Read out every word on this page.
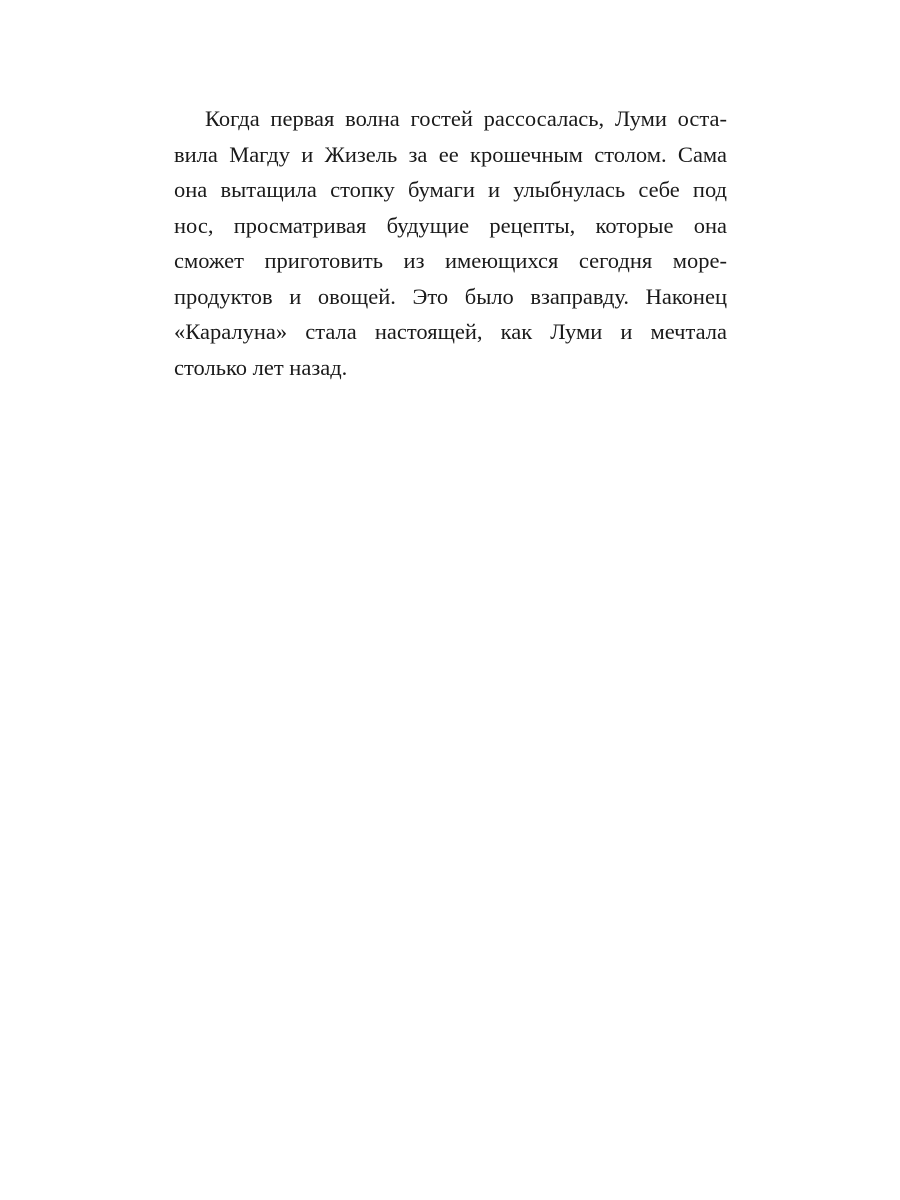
Когда первая волна гостей рассосалась, Луми оста-
вила Магду и Жизель за ее крошечным столом. Сама
она вытащила стопку бумаги и улыбнулась себе под
нос, просматривая будущие рецепты, которые она
сможет приготовить из имеющихся сегодня море-
продуктов и овощей. Это было взаправду. Наконец
«Каралуна» стала настоящей, как Луми и мечтала
столько лет назад.
